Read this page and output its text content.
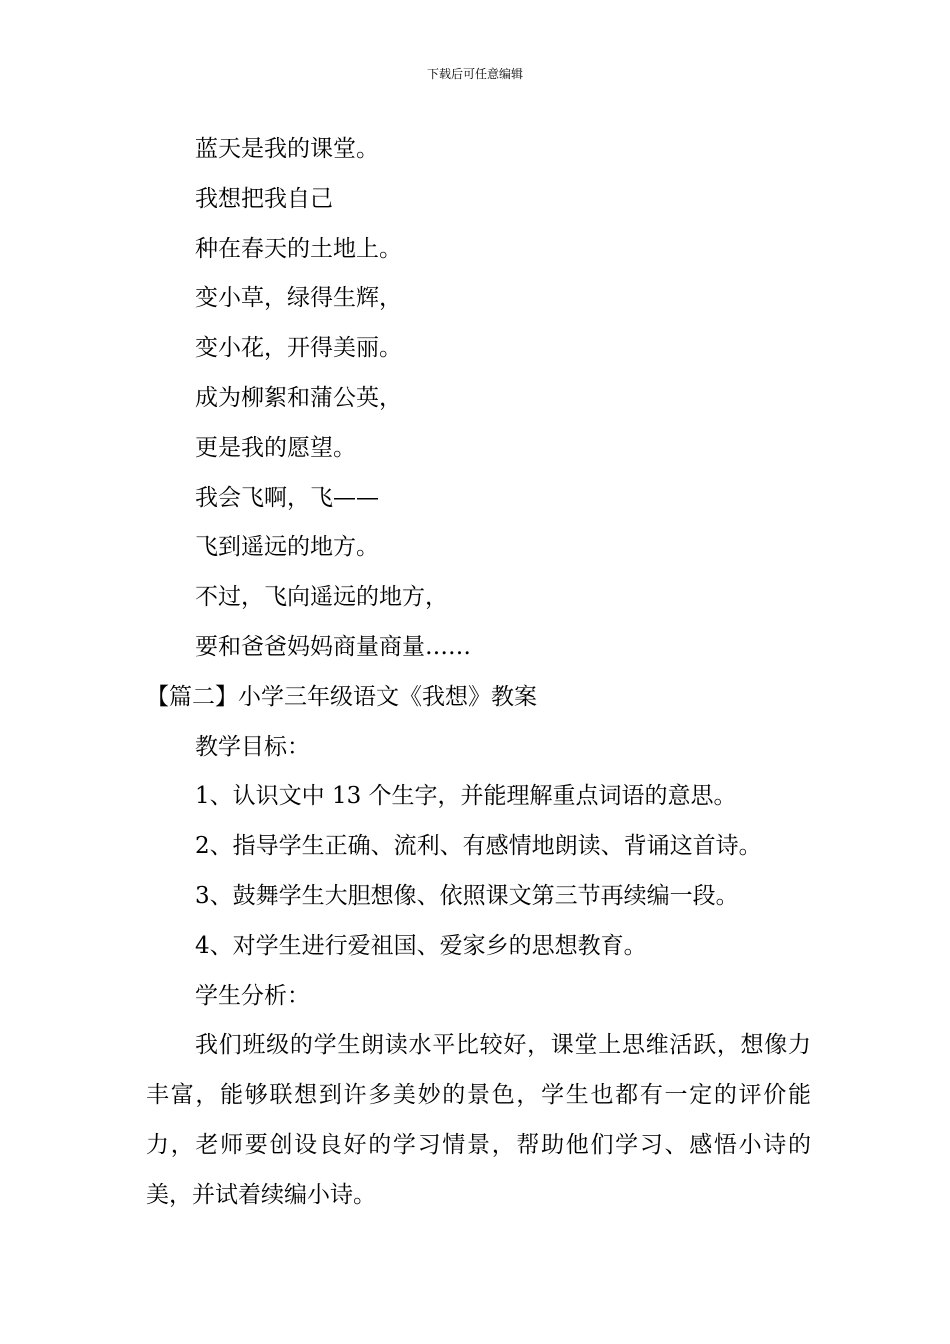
下载后可任意编辑
蓝天是我的课堂。
我想把我自己
种在春天的土地上。
变小草，绿得生辉，
变小花，开得美丽。
成为柳絮和蒲公英，
更是我的愿望。
我会飞啊，飞——
飞到遥远的地方。
不过，飞向遥远的地方，
要和爸爸妈妈商量商量……
【篇二】小学三年级语文《我想》教案
教学目标：
1、认识文中 13 个生字，并能理解重点词语的意思。
2、指导学生正确、流利、有感情地朗读、背诵这首诗。
3、鼓舞学生大胆想像、依照课文第三节再续编一段。
4、对学生进行爱祖国、爱家乡的思想教育。
学生分析：
我们班级的学生朗读水平比较好，课堂上思维活跃，想像力丰富，能够联想到许多美妙的景色，学生也都有一定的评价能力，老师要创设良好的学习情景，帮助他们学习、感悟小诗的美，并试着续编小诗。
